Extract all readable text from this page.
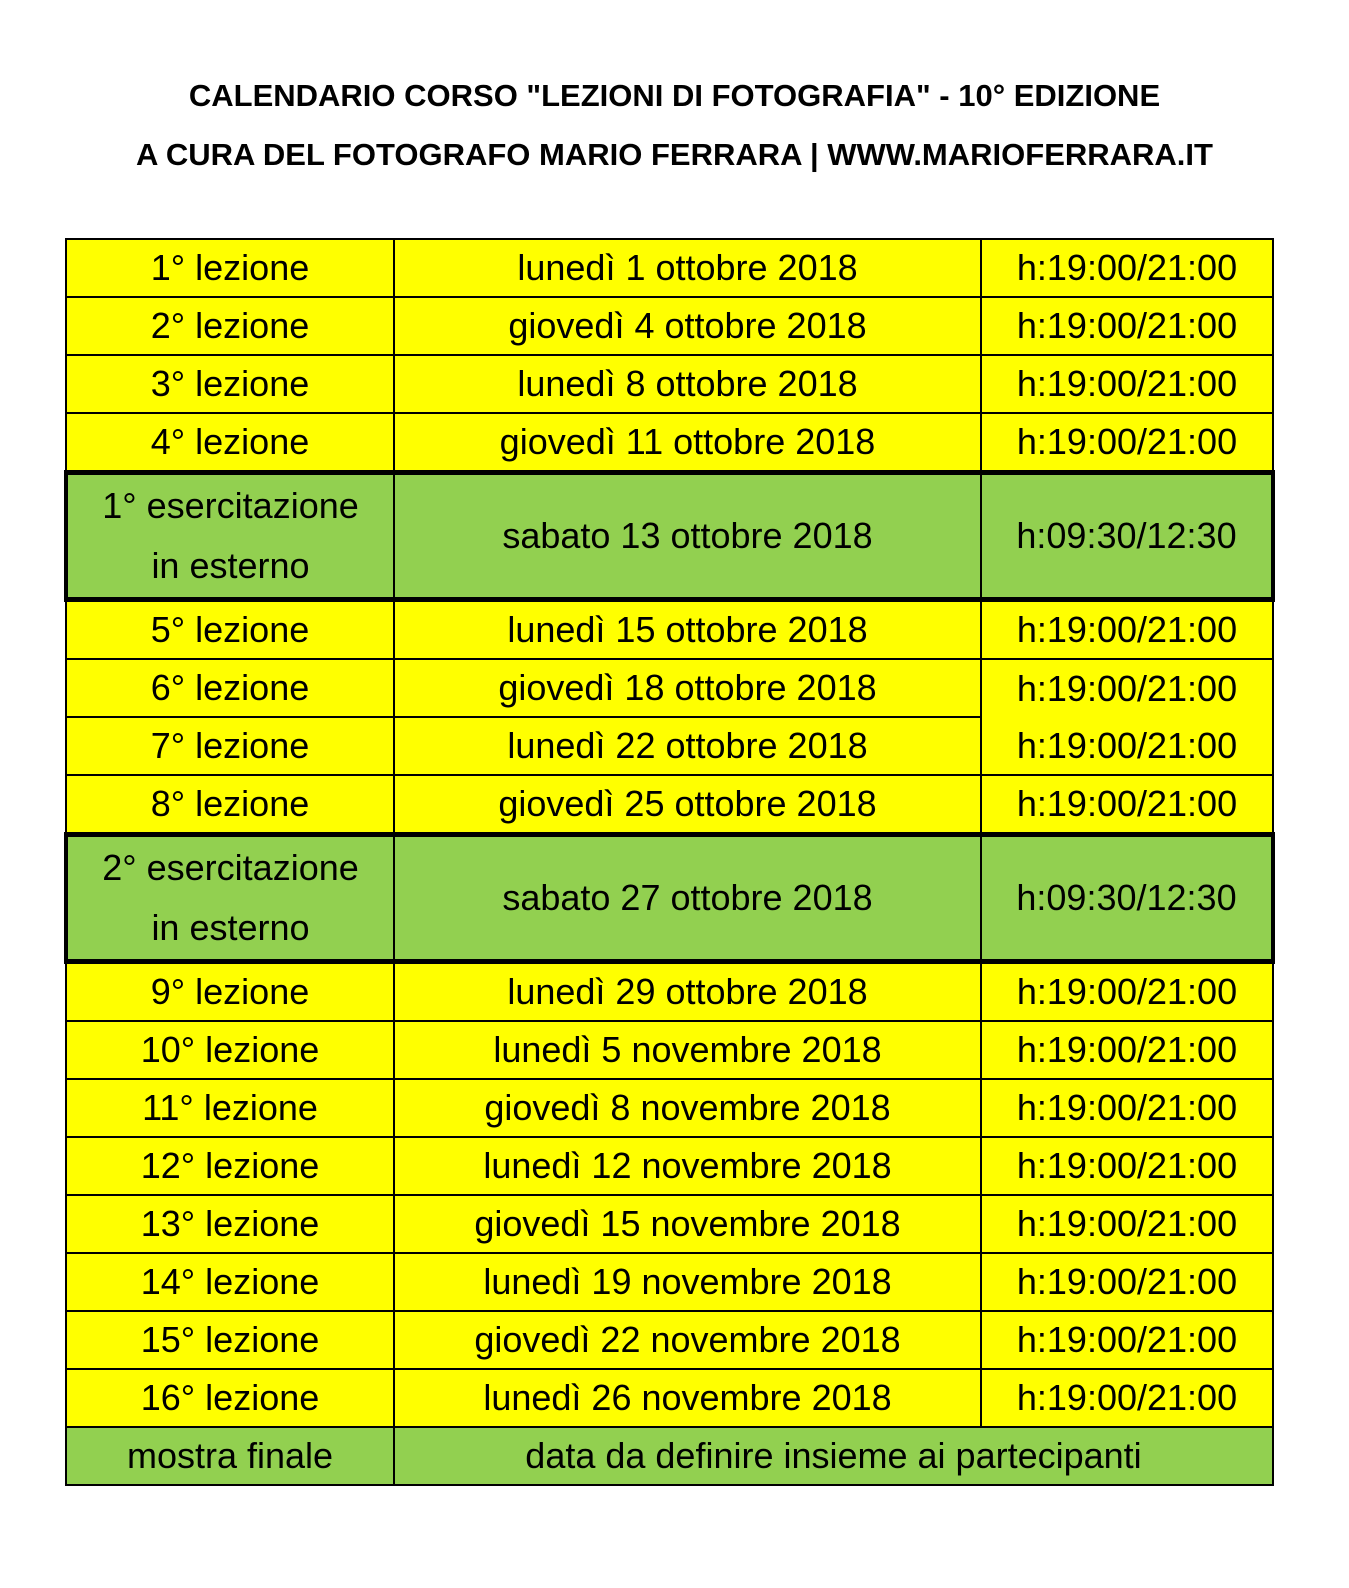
CALENDARIO CORSO "LEZIONI DI FOTOGRAFIA" - 10° EDIZIONE
A CURA DEL FOTOGRAFO MARIO FERRARA | WWW.MARIOFERRARA.IT
1° lezione	lunedì 1 ottobre 2018	h:19:00/21:00
2° lezione	giovedì 4 ottobre 2018	h:19:00/21:00
3° lezione	lunedì 8 ottobre 2018	h:19:00/21:00
4° lezione	giovedì 11 ottobre 2018	h:19:00/21:00

1° esercitazione
in esterno	sabato 13 ottobre 2018	h:09:30/12:30
5° lezione	lunedì 15 ottobre 2018	h:19:00/21:00
6° lezione	giovedì 18 ottobre 2018	h:19:00/21:00
7° lezione	lunedì 22 ottobre 2018	h:19:00/21:00
8° lezione	giovedì 25 ottobre 2018	h:19:00/21:00

2° esercitazione
in esterno	sabato 27 ottobre 2018	h:09:30/12:30
9° lezione	lunedì 29 ottobre 2018	h:19:00/21:00
10° lezione	lunedì 5 novembre 2018	h:19:00/21:00
11° lezione	giovedì 8 novembre 2018	h:19:00/21:00
12° lezione	lunedì 12 novembre 2018	h:19:00/21:00
13° lezione	giovedì 15 novembre 2018	h:19:00/21:00
14° lezione	lunedì 19 novembre 2018	h:19:00/21:00
15° lezione	giovedì 22 novembre 2018	h:19:00/21:00
16° lezione	lunedì 26 novembre 2018	h:19:00/21:00
mostra finale	data da definire insieme ai partecipanti	
